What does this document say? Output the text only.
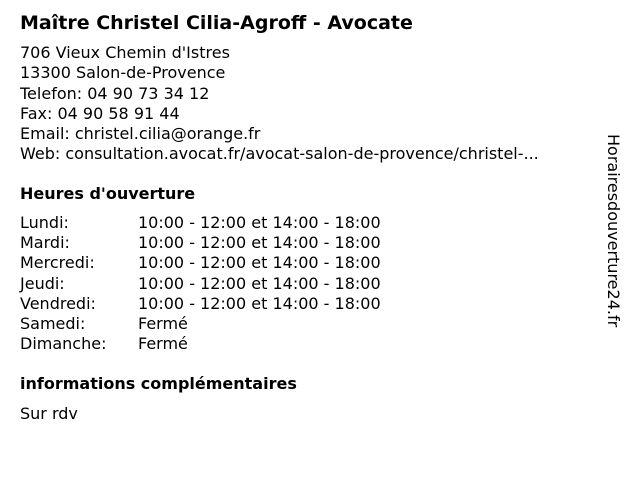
Maître Christel Cilia-Agroff - Avocate
706 Vieux Chemin d'Istres
13300 Salon-de-Provence
Telefon: 04 90 73 34 12
Fax: 04 90 58 91 44
Email: christel.cilia@orange.fr
Web: consultation.avocat.fr/avocat-salon-de-provence/christel-...
Heures d'ouverture
Lundi:	10:00 - 12:00 et 14:00 - 18:00
Mardi:	10:00 - 12:00 et 14:00 - 18:00
Mercredi:	10:00 - 12:00 et 14:00 - 18:00
Jeudi:	10:00 - 12:00 et 14:00 - 18:00
Vendredi:	10:00 - 12:00 et 14:00 - 18:00
Samedi:	Fermé
Dimanche:	Fermé
informations complémentaires
Sur rdv
Horairesdouverture24.fr
